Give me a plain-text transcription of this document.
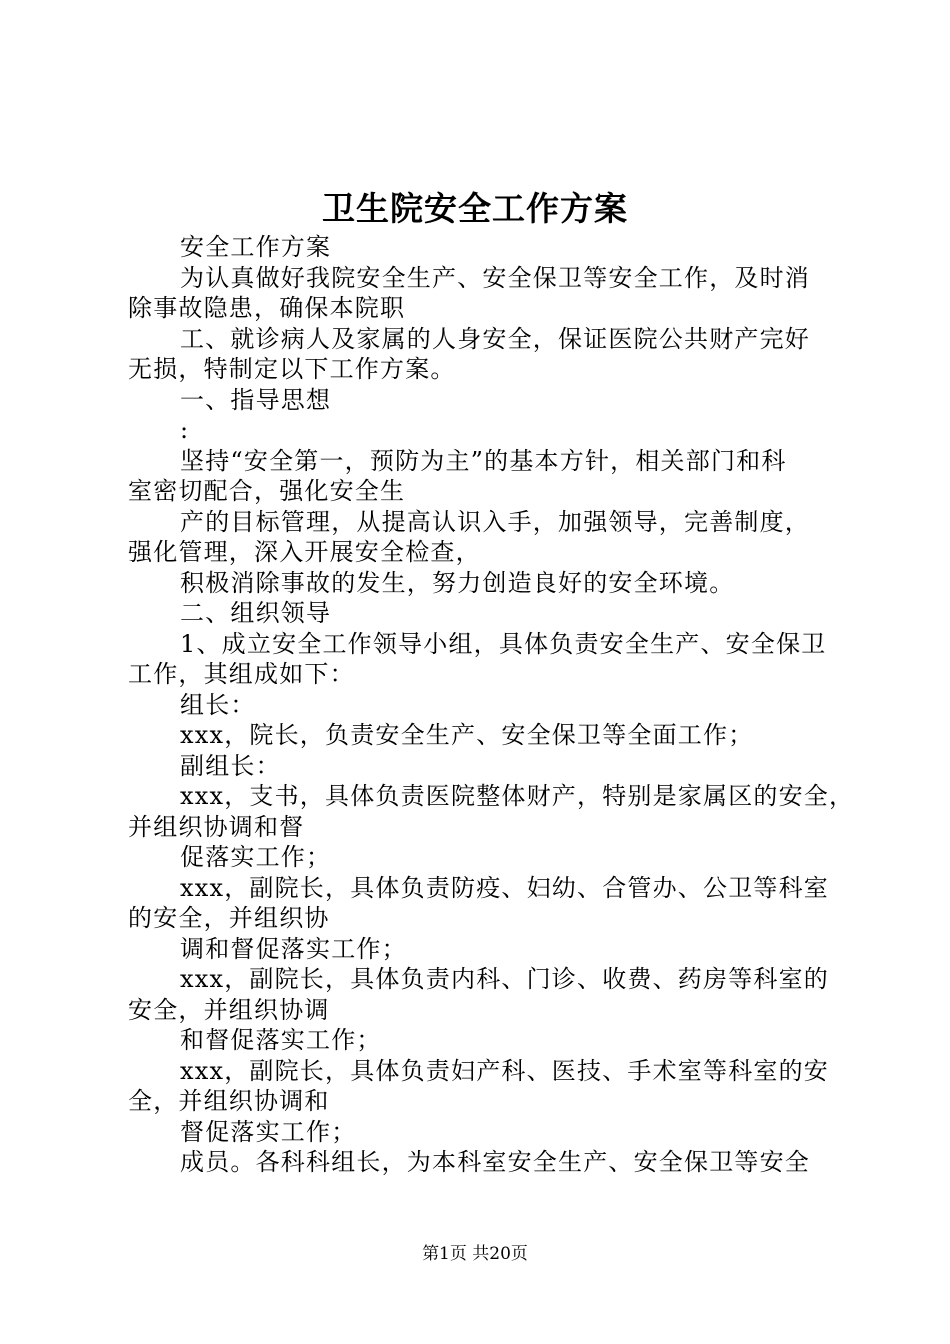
卫生院安全工作方案

安全工作方案

为认真做好我院安全生产、安全保卫等安全工作，及时消

除事故隐患，确保本院职

工、就诊病人及家属的人身安全，保证医院公共财产完好

无损，特制定以下工作方案。

一、指导思想

:

坚持“安全第一，预防为主”的基本方针，相关部门和科

室密切配合，强化安全生

产的目标管理，从提高认识入手，加强领导，完善制度，

强化管理，深入开展安全检查，

积极消除事故的发生，努力创造良好的安全环境。

二、组织领导

1、成立安全工作领导小组，具体负责安全生产、安全保卫

工作，其组成如下：

组长：

xxx，院长，负责安全生产、安全保卫等全面工作；

副组长：

xxx，支书，具体负责医院整体财产，特别是家属区的安全，

并组织协调和督

促落实工作；

xxx，副院长，具体负责防疫、妇幼、合管办、公卫等科室

的安全，并组织协

调和督促落实工作；

xxx，副院长，具体负责内科、门诊、收费、药房等科室的

安全，并组织协调

和督促落实工作；

xxx，副院长，具体负责妇产科、医技、手术室等科室的安

全，并组织协调和

督促落实工作；

成员。各科科组长，为本科室安全生产、安全保卫等安全

第1页 共20页
